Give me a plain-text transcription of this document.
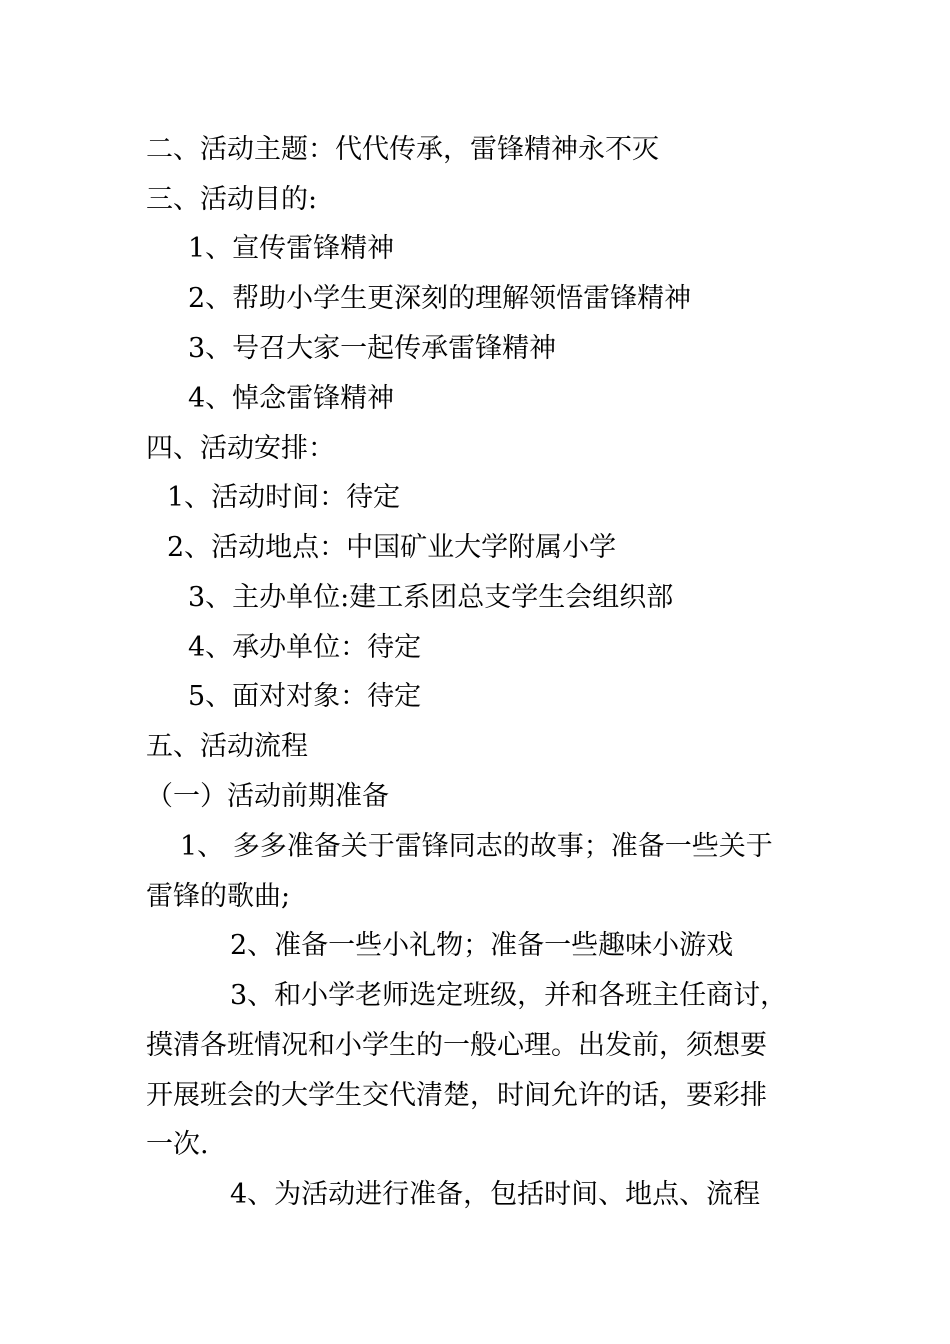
二、活动主题：代代传承，雷锋精神永不灭
三、活动目的:
1、宣传雷锋精神
2、帮助小学生更深刻的理解领悟雷锋精神
3、号召大家一起传承雷锋精神
4、悼念雷锋精神
四、活动安排：
1、活动时间：待定
2、活动地点：中国矿业大学附属小学
3、主办单位:建工系团总支学生会组织部
4、承办单位：待定
5、面对对象：待定
五、活动流程
（一）活动前期准备
1、 多多准备关于雷锋同志的故事；准备一些关于
雷锋的歌曲;
2、准备一些小礼物；准备一些趣味小游戏
3、和小学老师选定班级，并和各班主任商讨，
摸清各班情况和小学生的一般心理。出发前，须想要
开展班会的大学生交代清楚，时间允许的话，要彩排
一次.
4、为活动进行准备，包括时间、地点、流程
